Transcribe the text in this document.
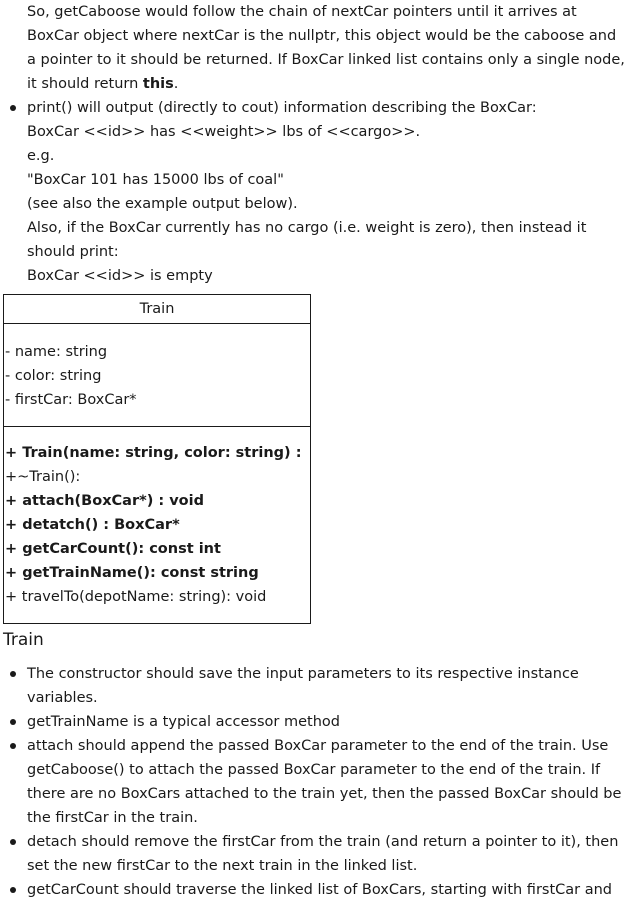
So, getCaboose would follow the chain of nextCar pointers until it arrives at BoxCar object where nextCar is the nullptr, this object would be the caboose and a pointer to it should be returned. If BoxCar linked list contains only a single node, it should return this.

print() will output (directly to cout) information describing the BoxCar:
BoxCar <<id>> has <<weight>> lbs of <<cargo>>.
e.g.
"BoxCar 101 has 15000 lbs of coal"
(see also the example output below).
Also, if the BoxCar currently has no cargo (i.e. weight is zero), then instead it should print:
BoxCar <<id>> is empty
Train
- name: string
- color: string
- firstCar: BoxCar*
+ Train(name: string, color: string) :
+~Train():
+ attach(BoxCar*) : void
+ detatch() : BoxCar*
+ getCarCount(): const int
+ getTrainName(): const string
+ travelTo(depotName: string): void
Train
The constructor should save the input parameters to its respective instance variables.
getTrainName is a typical accessor method
attach should append the passed BoxCar parameter to the end of the train. Use getCaboose() to attach the passed BoxCar parameter to the end of the train. If there are no BoxCars attached to the train yet, then the passed BoxCar should be the firstCar in the train.
detach should remove the firstCar from the train (and return a pointer to it), then set the new firstCar to the next train in the linked list.
getCarCount should traverse the linked list of BoxCars, starting with firstCar and
